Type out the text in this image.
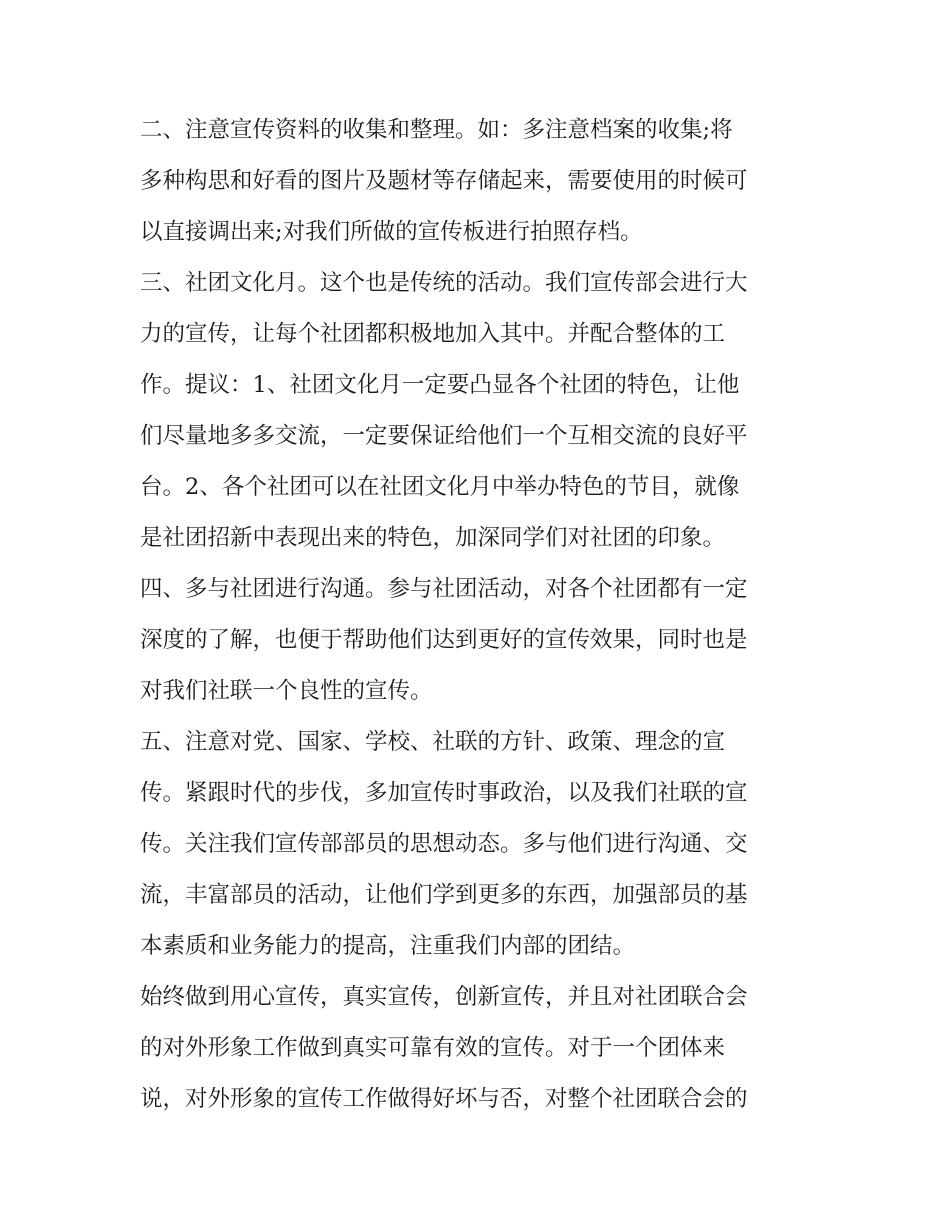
二、注意宣传资料的收集和整理。如：多注意档案的收集;将
多种构思和好看的图片及题材等存储起来，需要使用的时候可
以直接调出来;对我们所做的宣传板进行拍照存档。
三、社团文化月。这个也是传统的活动。我们宣传部会进行大
力的宣传，让每个社团都积极地加入其中。并配合整体的工
作。提议：1、社团文化月一定要凸显各个社团的特色，让他
们尽量地多多交流，一定要保证给他们一个互相交流的良好平
台。2、各个社团可以在社团文化月中举办特色的节目，就像
是社团招新中表现出来的特色，加深同学们对社团的印象。
四、多与社团进行沟通。参与社团活动，对各个社团都有一定
深度的了解，也便于帮助他们达到更好的宣传效果，同时也是
对我们社联一个良性的宣传。
五、注意对党、国家、学校、社联的方针、政策、理念的宣
传。紧跟时代的步伐，多加宣传时事政治，以及我们社联的宣
传。关注我们宣传部部员的思想动态。多与他们进行沟通、交
流，丰富部员的活动，让他们学到更多的东西，加强部员的基
本素质和业务能力的提高，注重我们内部的团结。
始终做到用心宣传，真实宣传，创新宣传，并且对社团联合会
的对外形象工作做到真实可靠有效的宣传。对于一个团体来
说，对外形象的宣传工作做得好坏与否，对整个社团联合会的
